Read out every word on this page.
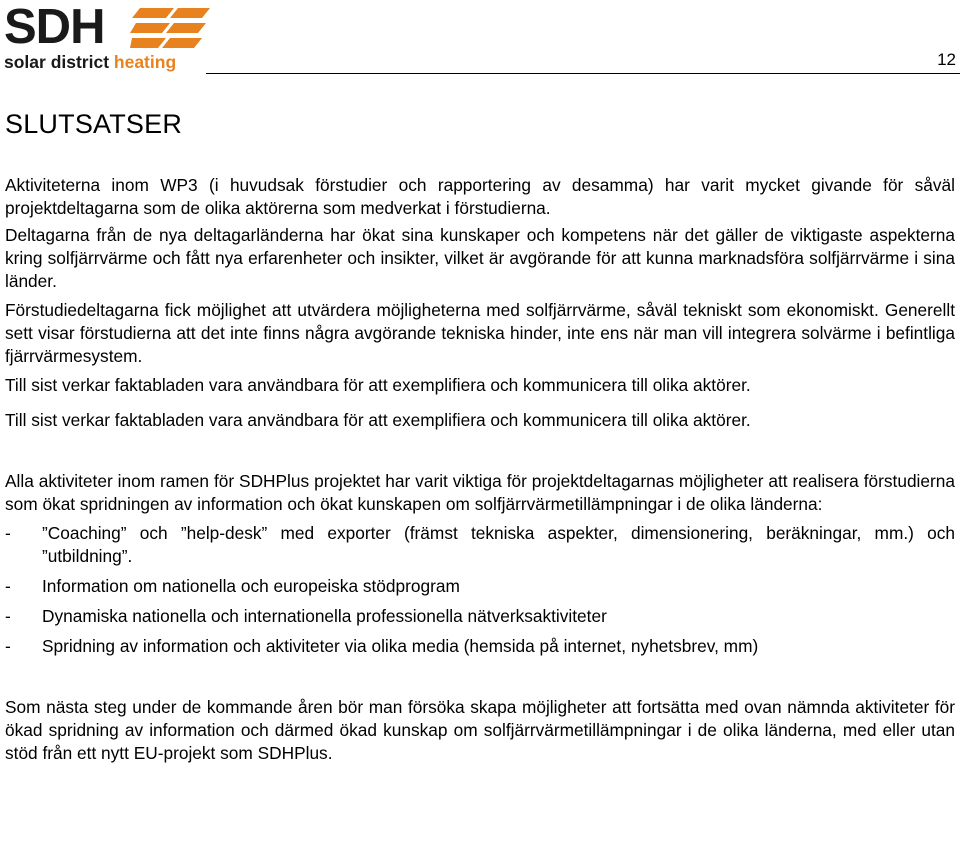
SDH
solar district heating	12
SLUTSATSER

Aktiviteterna inom WP3 (i huvudsak förstudier och rapportering av desamma) har varit mycket givande för såväl projektdeltagarna som de olika aktörerna som medverkat i förstudierna.

Deltagarna från de nya deltagarländerna har ökat sina kunskaper och kompetens när det gäller de viktigaste aspekterna kring solfjärrvärme och fått nya erfarenheter och insikter, vilket är avgörande för att kunna marknadsföra solfjärrvärme i sina länder.

Förstudiedeltagarna fick möjlighet att utvärdera möjligheterna med solfjärrvärme, såväl tekniskt som ekonomiskt. Generellt sett visar förstudierna att det inte finns några avgörande tekniska hinder, inte ens när man vill integrera solvärme i befintliga fjärrvärmesystem.

Till sist verkar faktabladen vara användbara för att exemplifiera och kommunicera till olika aktörer.

Till sist verkar faktabladen vara användbara för att exemplifiera och kommunicera till olika aktörer.

Alla aktiviteter inom ramen för SDHPlus projektet har varit viktiga för projektdeltagarnas möjligheter att realisera förstudierna som ökat spridningen av information och ökat kunskapen om solfjärrvärmetillämpningar i de olika länderna:

- ”Coaching” och ”help-desk” med exporter (främst tekniska aspekter, dimensionering, beräkningar, mm.) och ”utbildning”.
- Information om nationella och europeiska stödprogram
- Dynamiska nationella och internationella professionella nätverksaktiviteter
- Spridning av information och aktiviteter via olika media (hemsida på internet, nyhetsbrev, mm)

Som nästa steg under de kommande åren bör man försöka skapa möjligheter att fortsätta med ovan nämnda aktiviteter för ökad spridning av information och därmed ökad kunskap om solfjärrvärmetillämpningar i de olika länderna, med eller utan stöd från ett nytt EU-projekt som SDHPlus.
